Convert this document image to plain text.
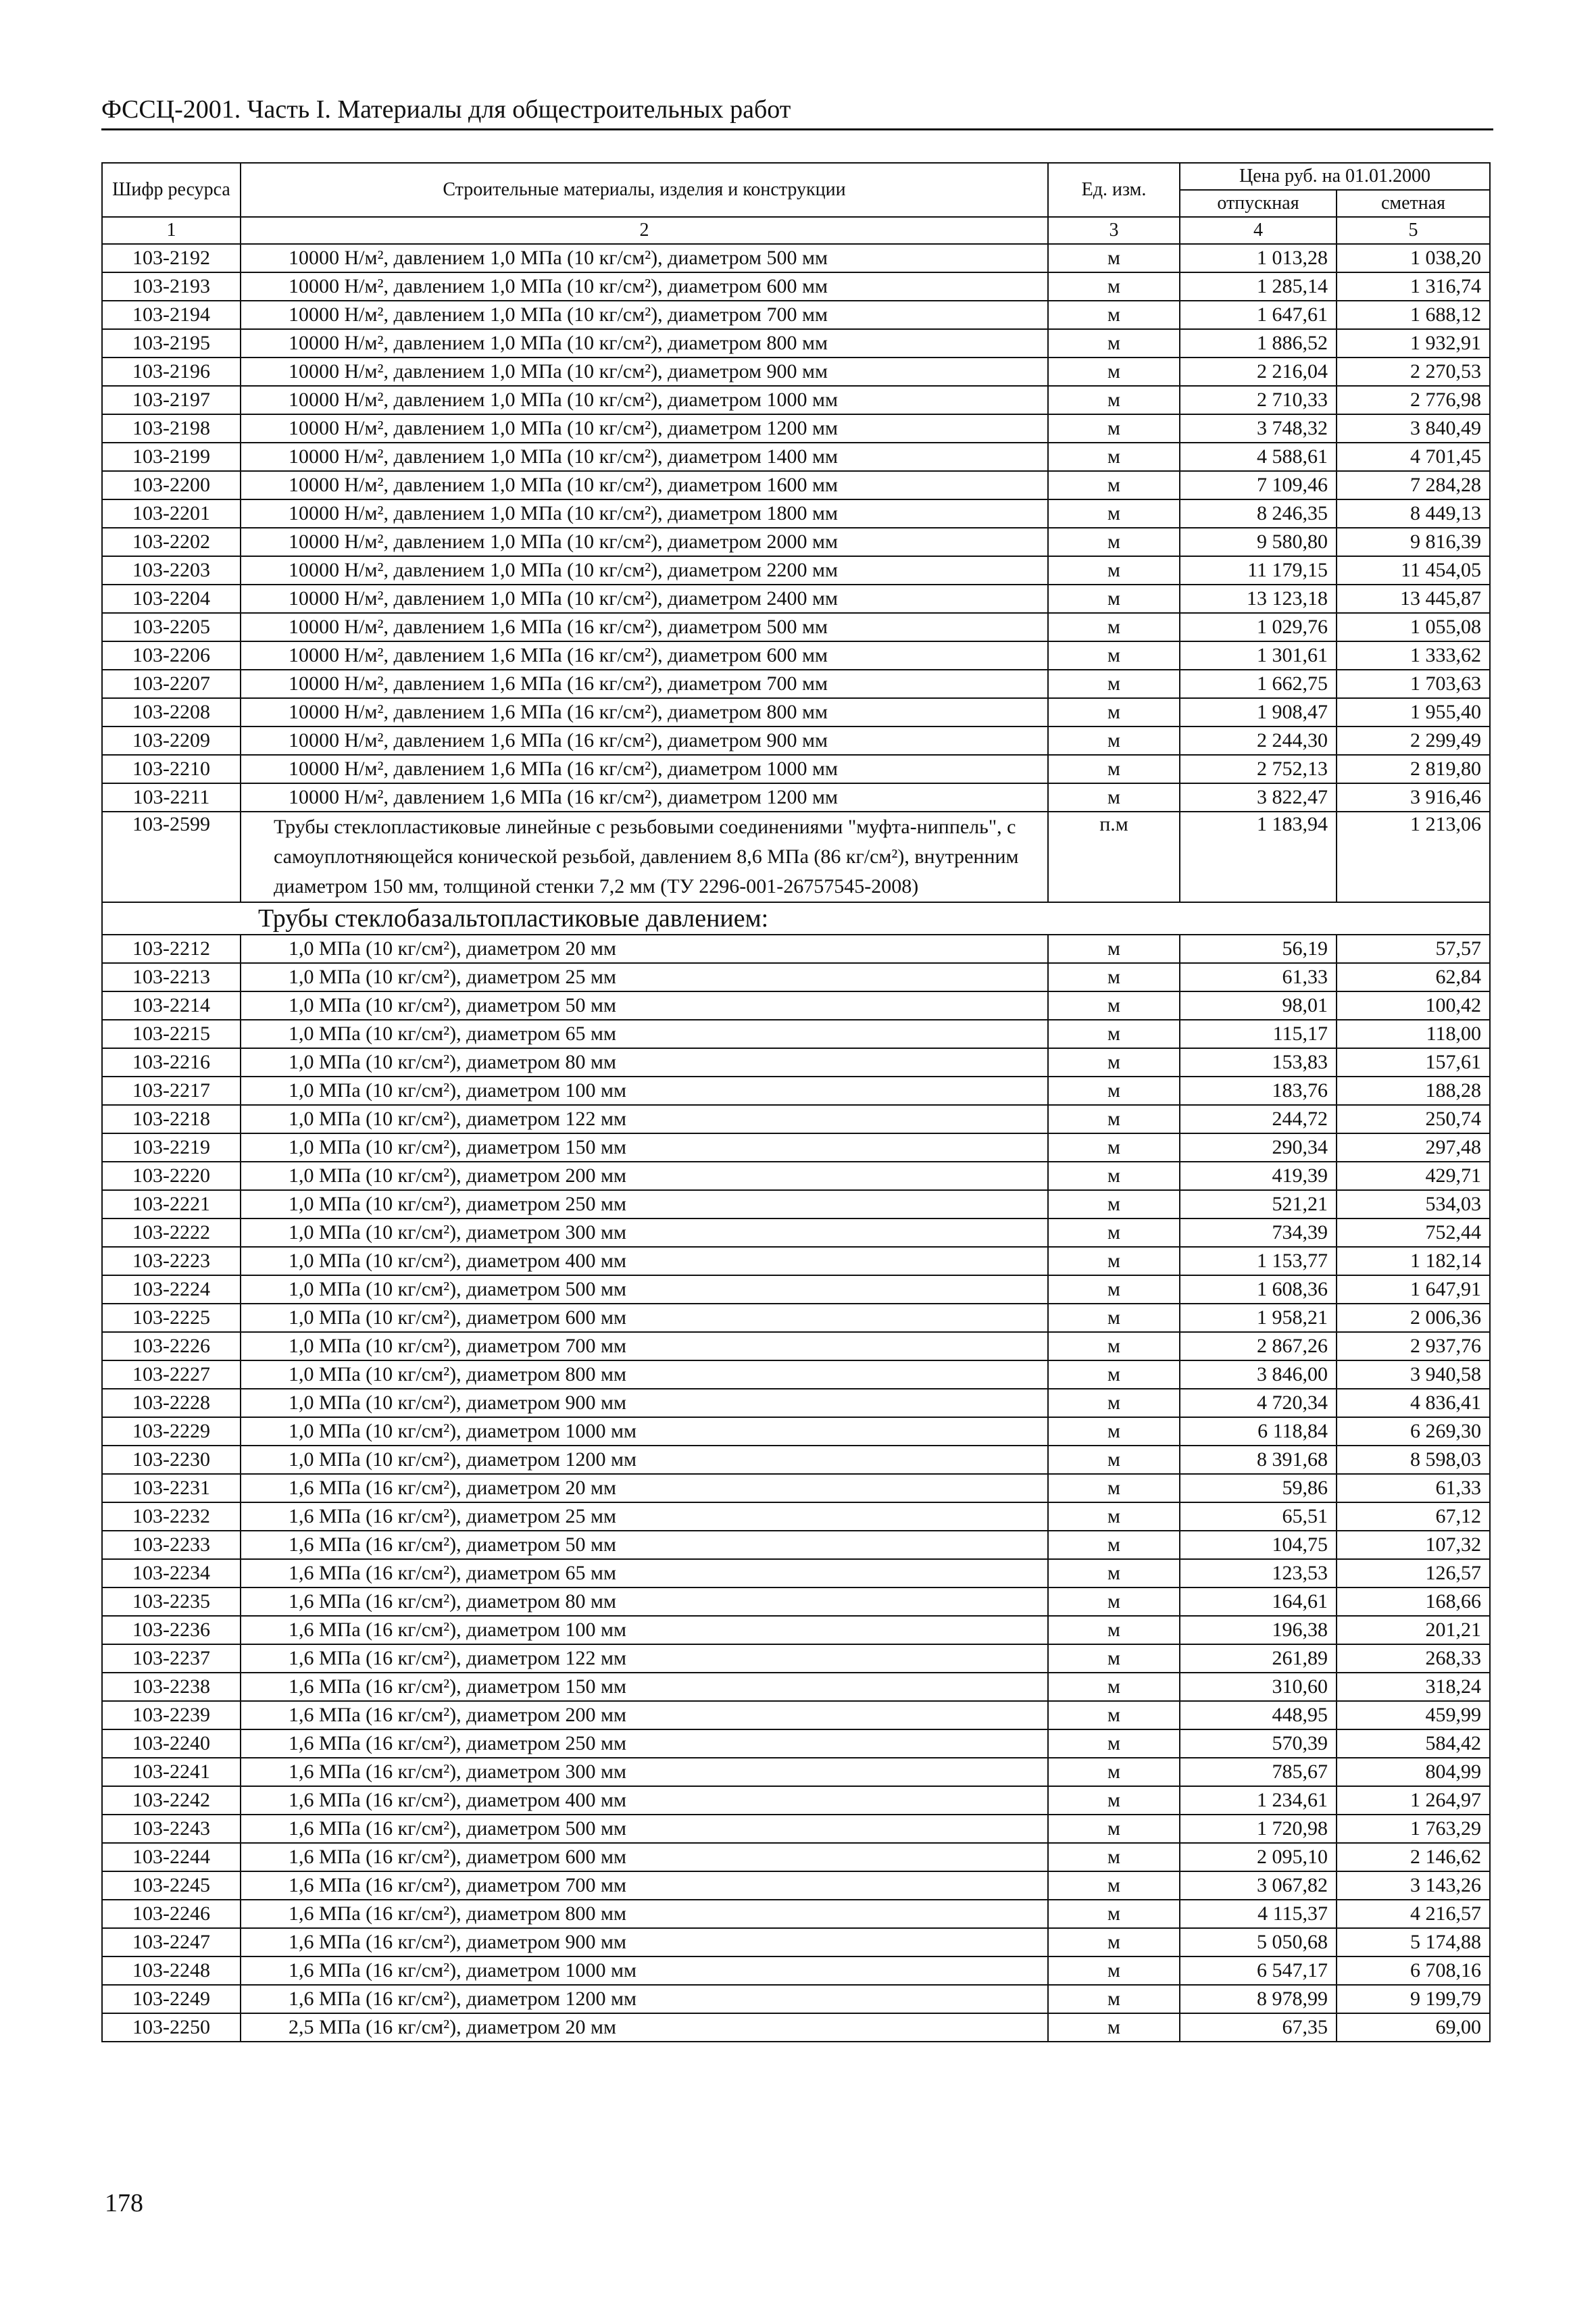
ФССЦ-2001. Часть I. Материалы для общестроительных работ
Шифр ресурса	Строительные материалы, изделия и конструкции	Ед. изм.	Цена руб. на 01.01.2000	
			отпускная	сметная
1	2	3	4	5
103-2192	10000 Н/м², давлением 1,0 МПа (10 кг/см²), диаметром 500 мм	м	1 013,28	1 038,20
103-2193	10000 Н/м², давлением 1,0 МПа (10 кг/см²), диаметром 600 мм	м	1 285,14	1 316,74
103-2194	10000 Н/м², давлением 1,0 МПа (10 кг/см²), диаметром 700 мм	м	1 647,61	1 688,12
103-2195	10000 Н/м², давлением 1,0 МПа (10 кг/см²), диаметром 800 мм	м	1 886,52	1 932,91
103-2196	10000 Н/м², давлением 1,0 МПа (10 кг/см²), диаметром 900 мм	м	2 216,04	2 270,53
103-2197	10000 Н/м², давлением 1,0 МПа (10 кг/см²), диаметром 1000 мм	м	2 710,33	2 776,98
103-2198	10000 Н/м², давлением 1,0 МПа (10 кг/см²), диаметром 1200 мм	м	3 748,32	3 840,49
103-2199	10000 Н/м², давлением 1,0 МПа (10 кг/см²), диаметром 1400 мм	м	4 588,61	4 701,45
103-2200	10000 Н/м², давлением 1,0 МПа (10 кг/см²), диаметром 1600 мм	м	7 109,46	7 284,28
103-2201	10000 Н/м², давлением 1,0 МПа (10 кг/см²), диаметром 1800 мм	м	8 246,35	8 449,13
103-2202	10000 Н/м², давлением 1,0 МПа (10 кг/см²), диаметром 2000 мм	м	9 580,80	9 816,39
103-2203	10000 Н/м², давлением 1,0 МПа (10 кг/см²), диаметром 2200 мм	м	11 179,15	11 454,05
103-2204	10000 Н/м², давлением 1,0 МПа (10 кг/см²), диаметром 2400 мм	м	13 123,18	13 445,87
103-2205	10000 Н/м², давлением 1,6 МПа (16 кг/см²), диаметром 500 мм	м	1 029,76	1 055,08
103-2206	10000 Н/м², давлением 1,6 МПа (16 кг/см²), диаметром 600 мм	м	1 301,61	1 333,62
103-2207	10000 Н/м², давлением 1,6 МПа (16 кг/см²), диаметром 700 мм	м	1 662,75	1 703,63
103-2208	10000 Н/м², давлением 1,6 МПа (16 кг/см²), диаметром 800 мм	м	1 908,47	1 955,40
103-2209	10000 Н/м², давлением 1,6 МПа (16 кг/см²), диаметром 900 мм	м	2 244,30	2 299,49
103-2210	10000 Н/м², давлением 1,6 МПа (16 кг/см²), диаметром 1000 мм	м	2 752,13	2 819,80
103-2211	10000 Н/м², давлением 1,6 МПа (16 кг/см²), диаметром 1200 мм	м	3 822,47	3 916,46
103-2599	Трубы стеклопластиковые линейные с резьбовыми соединениями "муфта-ниппель", с самоуплотняющейся конической резьбой, давлением 8,6 МПа (86 кг/см²), внутренним диаметром 150 мм, толщиной стенки 7,2 мм (ТУ 2296-001-26757545-2008)	п.м	1 183,94	1 213,06
Трубы стеклобазальтопластиковые давлением:				
103-2212	1,0 МПа (10 кг/см²), диаметром 20 мм	м	56,19	57,57
103-2213	1,0 МПа (10 кг/см²), диаметром 25 мм	м	61,33	62,84
103-2214	1,0 МПа (10 кг/см²), диаметром 50 мм	м	98,01	100,42
103-2215	1,0 МПа (10 кг/см²), диаметром 65 мм	м	115,17	118,00
103-2216	1,0 МПа (10 кг/см²), диаметром 80 мм	м	153,83	157,61
103-2217	1,0 МПа (10 кг/см²), диаметром 100 мм	м	183,76	188,28
103-2218	1,0 МПа (10 кг/см²), диаметром 122 мм	м	244,72	250,74
103-2219	1,0 МПа (10 кг/см²), диаметром 150 мм	м	290,34	297,48
103-2220	1,0 МПа (10 кг/см²), диаметром 200 мм	м	419,39	429,71
103-2221	1,0 МПа (10 кг/см²), диаметром 250 мм	м	521,21	534,03
103-2222	1,0 МПа (10 кг/см²), диаметром 300 мм	м	734,39	752,44
103-2223	1,0 МПа (10 кг/см²), диаметром 400 мм	м	1 153,77	1 182,14
103-2224	1,0 МПа (10 кг/см²), диаметром 500 мм	м	1 608,36	1 647,91
103-2225	1,0 МПа (10 кг/см²), диаметром 600 мм	м	1 958,21	2 006,36
103-2226	1,0 МПа (10 кг/см²), диаметром 700 мм	м	2 867,26	2 937,76
103-2227	1,0 МПа (10 кг/см²), диаметром 800 мм	м	3 846,00	3 940,58
103-2228	1,0 МПа (10 кг/см²), диаметром 900 мм	м	4 720,34	4 836,41
103-2229	1,0 МПа (10 кг/см²), диаметром 1000 мм	м	6 118,84	6 269,30
103-2230	1,0 МПа (10 кг/см²), диаметром 1200 мм	м	8 391,68	8 598,03
103-2231	1,6 МПа (16 кг/см²), диаметром 20 мм	м	59,86	61,33
103-2232	1,6 МПа (16 кг/см²), диаметром 25 мм	м	65,51	67,12
103-2233	1,6 МПа (16 кг/см²), диаметром 50 мм	м	104,75	107,32
103-2234	1,6 МПа (16 кг/см²), диаметром 65 мм	м	123,53	126,57
103-2235	1,6 МПа (16 кг/см²), диаметром 80 мм	м	164,61	168,66
103-2236	1,6 МПа (16 кг/см²), диаметром 100 мм	м	196,38	201,21
103-2237	1,6 МПа (16 кг/см²), диаметром 122 мм	м	261,89	268,33
103-2238	1,6 МПа (16 кг/см²), диаметром 150 мм	м	310,60	318,24
103-2239	1,6 МПа (16 кг/см²), диаметром 200 мм	м	448,95	459,99
103-2240	1,6 МПа (16 кг/см²), диаметром 250 мм	м	570,39	584,42
103-2241	1,6 МПа (16 кг/см²), диаметром 300 мм	м	785,67	804,99
103-2242	1,6 МПа (16 кг/см²), диаметром 400 мм	м	1 234,61	1 264,97
103-2243	1,6 МПа (16 кг/см²), диаметром 500 мм	м	1 720,98	1 763,29
103-2244	1,6 МПа (16 кг/см²), диаметром 600 мм	м	2 095,10	2 146,62
103-2245	1,6 МПа (16 кг/см²), диаметром 700 мм	м	3 067,82	3 143,26
103-2246	1,6 МПа (16 кг/см²), диаметром 800 мм	м	4 115,37	4 216,57
103-2247	1,6 МПа (16 кг/см²), диаметром 900 мм	м	5 050,68	5 174,88
103-2248	1,6 МПа (16 кг/см²), диаметром 1000 мм	м	6 547,17	6 708,16
103-2249	1,6 МПа (16 кг/см²), диаметром 1200 мм	м	8 978,99	9 199,79
103-2250	2,5 МПа (16 кг/см²), диаметром 20 мм	м	67,35	69,00
178
